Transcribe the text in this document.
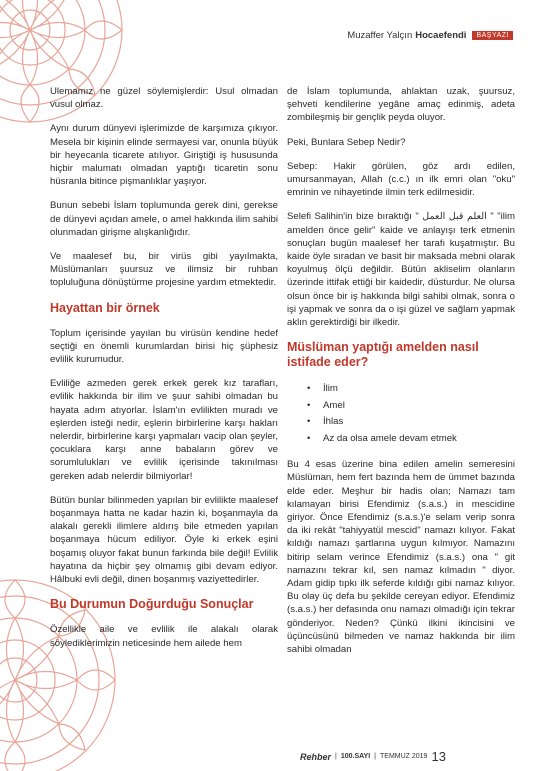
Muzaffer Yalçın Hocaefendi	BAŞYAZI

Ulemamız ne güzel söylemişlerdir: Usul olmadan vusul olmaz.

Aynı durum dünyevi işlerimizde de karşımıza çıkıyor. Mesela bir kişinin elinde sermayesi var, onunla büyük bir heyecanla ticarete atılıyor. Giriştiği iş hususunda hiçbir malumatı olmadan yaptığı ticaretin sonu hüsranla bitince pişmanlıklar yaşıyor.

Bunun sebebi İslam toplumunda gerek dini, gerekse de dünyevi açıdan amele, o amel hakkında ilim sahibi olunmadan girişme alışkanlığıdır.

Ve maalesef bu, bir virüs gibi yayılmakta, Müslümanları şuursuz ve ilimsiz bir ruhban topluluğuna dönüştürme projesine yardım etmektedir.

Hayattan bir örnek

Toplum içerisinde yayılan bu virüsün kendine hedef seçtiği en önemli kurumlardan birisi hiç şüphesiz evlilik kurumudur.

Evliliğe azmeden gerek erkek gerek kız tarafları, evlilik hakkında bir ilim ve şuur sahibi olmadan bu hayata adım atıyorlar. İslam'ın evlilikten muradı ve eşlerden isteği nedir, eşlerin birbirlerine karşı hakları nelerdir, birbirlerine karşı yapmaları vacip olan şeyler, çocuklara karşı anne babaların görev ve sorumlulukları ve evlilik içerisinde takınılması gereken adab nelerdir bilmiyorlar!

Bütün bunlar bilinmeden yapılan bir evlilikte maalesef boşanmaya hatta ne kadar hazin ki, boşanmayla da alakalı gerekli ilimlere aldırış bile etmeden yapılan boşanmaya hücum ediliyor. Öyle ki erkek eşini boşamış oluyor fakat bunun farkında bile değil! Evlilik hayatına da hiçbir şey olmamış gibi devam ediyor. Hâlbuki evli değil, dinen boşanmış vaziyettedirler.

Bu Durumun Doğurduğu Sonuçlar

Özellikle aile ve evlilik ile alakalı olarak söylediklerimizin neticesinde hem ailede hem

de İslam toplumunda, ahlaktan uzak, şuursuz, şehveti kendilerine yegâne amaç edinmiş, adeta zombileşmiş bir gençlik peyda oluyor.

Peki, Bunlara Sebep Nedir?

Sebep: Hakir görülen, göz ardı edilen, umursanmayan, Allah (c.c.) ın ilk emri olan "oku" emrinin ve nihayetinde ilmin terk edilmesidir.

Selefi Salihin'in bize bıraktığı " العلم قبل العمل " "ilim amelden önce gelir" kaide ve anlayışı terk etmenin sonuçları bugün maalesef her tarafı kuşatmıştır. Bu kaide öyle sıradan ve basit bir maksada mebni olarak koyulmuş ölçü değildir. Bütün akliselim olanların üzerinde ittifak ettiği bir kaidedir, düsturdur. Ne olursa olsun önce bir iş hakkında bilgi sahibi olmak, sonra o işi yapmak ve sonra da o işi güzel ve sağlam yapmak aklın gerektirdiği bir ilkedir.

Müslüman yaptığı amelden nasıl istifade eder?
• İlim
• Amel
• İhlas
• Az da olsa amele devam etmek

Bu 4 esas üzerine bina edilen amelin semeresini Müslüman, hem fert bazında hem de ümmet bazında elde eder. Meşhur bir hadis olan; Namazı tam kılamayan birisi Efendimiz (s.a.s.) in mescidine giriyor. Önce Efendimiz (s.a.s.)'e selam verip sonra da iki rekât "tahiyyatül mescid" namazı kılıyor. Fakat kıldığı namazı şartlarına uygun kılmıyor. Namazını bitirip selam verince Efendimiz (s.a.s.) ona " git namazını tekrar kıl, sen namaz kılmadın " diyor. Adam gidip tıpkı ilk seferde kıldığı gibi namaz kılıyor. Bu olay üç defa bu şekilde cereyan ediyor. Efendimiz (s.a.s.) her defasında onu namazı olmadığı için tekrar gönderiyor. Neden? Çünkü ilkini ikincisini ve üçüncüsünü bilmeden ve namaz hakkında bir ilim sahibi olmadan

Rehber | 100.SAYI | TEMMUZ 2019 13
